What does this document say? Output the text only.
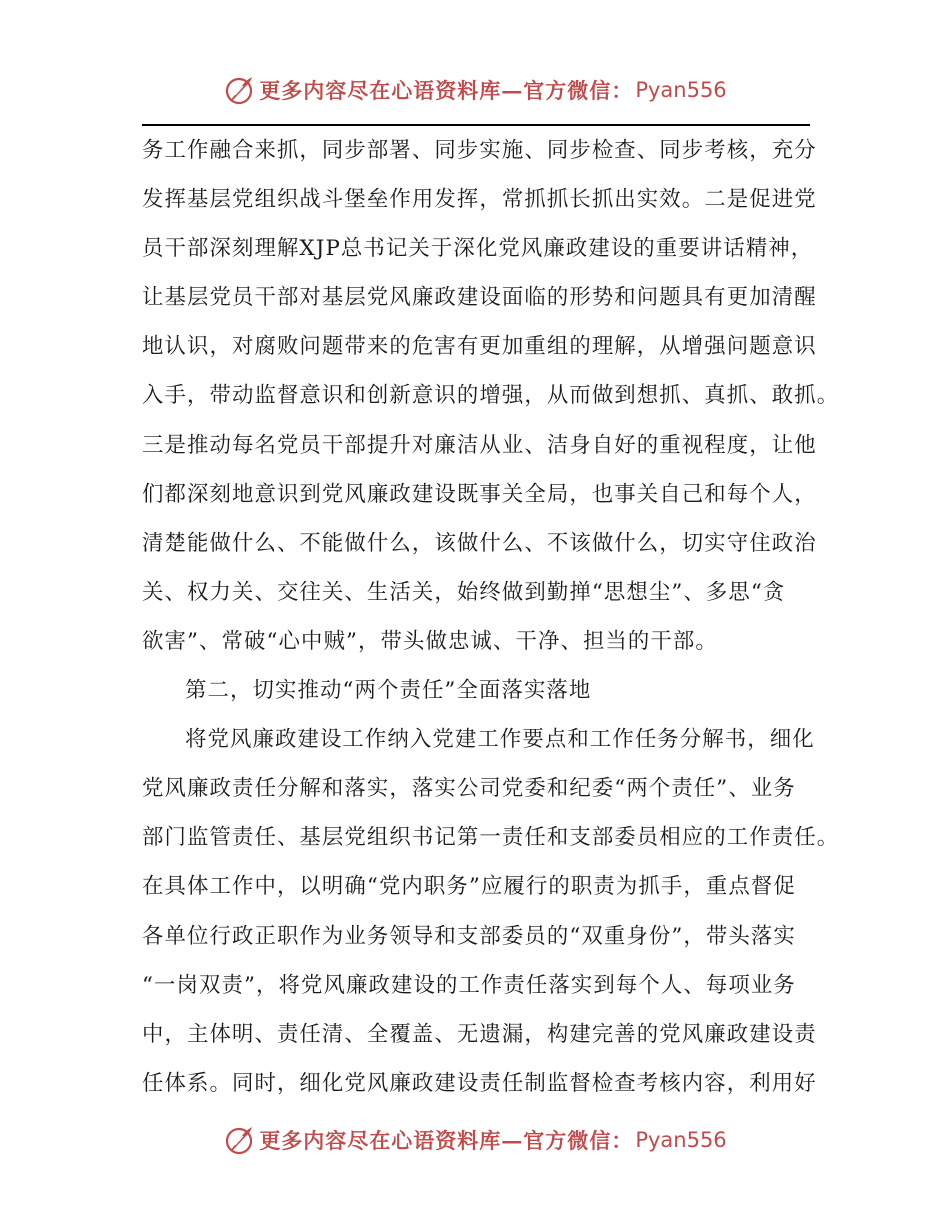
更多内容尽在心语资料库—官方微信： Pyan556
务工作融合来抓，同步部署、同步实施、同步检查、同步考核，充分
发挥基层党组织战斗堡垒作用发挥，常抓抓长抓出实效。二是促进党
员干部深刻理解XJP总书记关于深化党风廉政建设的重要讲话精神，
让基层党员干部对基层党风廉政建设面临的形势和问题具有更加清醒
地认识，对腐败问题带来的危害有更加重组的理解，从增强问题意识
入手，带动监督意识和创新意识的增强，从而做到想抓、真抓、敢抓。
三是推动每名党员干部提升对廉洁从业、洁身自好的重视程度，让他
们都深刻地意识到党风廉政建设既事关全局，也事关自己和每个人，
清楚能做什么、不能做什么，该做什么、不该做什么，切实守住政治
关、权力关、交往关、生活关，始终做到勤掸“思想尘”、多思“贪
欲害”、常破“心中贼”，带头做忠诚、干净、担当的干部。
第二，切实推动“两个责任”全面落实落地
将党风廉政建设工作纳入党建工作要点和工作任务分解书，细化
党风廉政责任分解和落实，落实公司党委和纪委“两个责任”、业务
部门监管责任、基层党组织书记第一责任和支部委员相应的工作责任。
在具体工作中，以明确“党内职务”应履行的职责为抓手，重点督促
各单位行政正职作为业务领导和支部委员的“双重身份”，带头落实
“一岗双责”，将党风廉政建设的工作责任落实到每个人、每项业务
中，主体明、责任清、全覆盖、无遗漏，构建完善的党风廉政建设责
任体系。同时，细化党风廉政建设责任制监督检查考核内容，利用好
更多内容尽在心语资料库—官方微信： Pyan556
